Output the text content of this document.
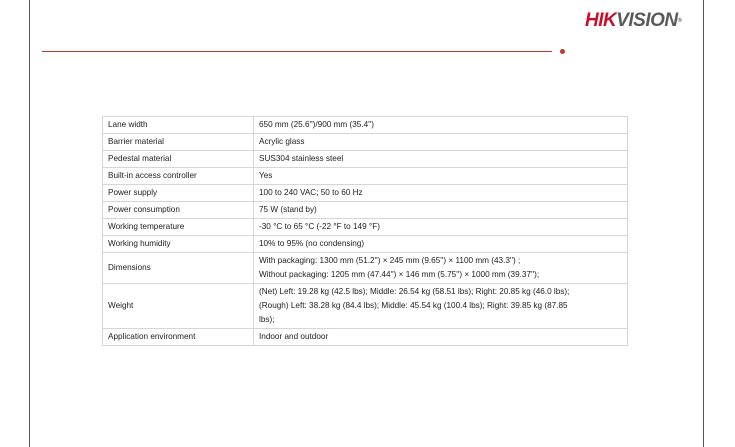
HIKVISION®
Lane width	650 mm (25.6'')/900 mm (35.4'')

Barrier material	Acrylic glass

Pedestal material	SUS304 stainless steel

Built-in access controller	Yes

Power supply	100 to 240 VAC; 50 to 60 Hz

Power consumption	75 W (stand by)

Working temperature	-30 °C to 65 °C (-22 °F to 149 °F)

Working humidity	10% to 95% (no condensing)

Dimensions	With packaging: 1300 mm (51.2'') × 245 mm (9.65'') × 1100 mm (43.3'') ;
Without packaging: 1205 mm (47.44'') × 146 mm (5.75'') × 1000 mm (39.37'');

Weight	(Net) Left: 19.28 kg (42.5 lbs); Middle: 26.54 kg (58.51 lbs); Right: 20.85 kg (46.0 lbs);
(Rough) Left: 38.28 kg (84.4 lbs); Middle: 45.54 kg (100.4 lbs); Right: 39.85 kg (87.85
lbs);

Application environment	Indoor and outdoor
